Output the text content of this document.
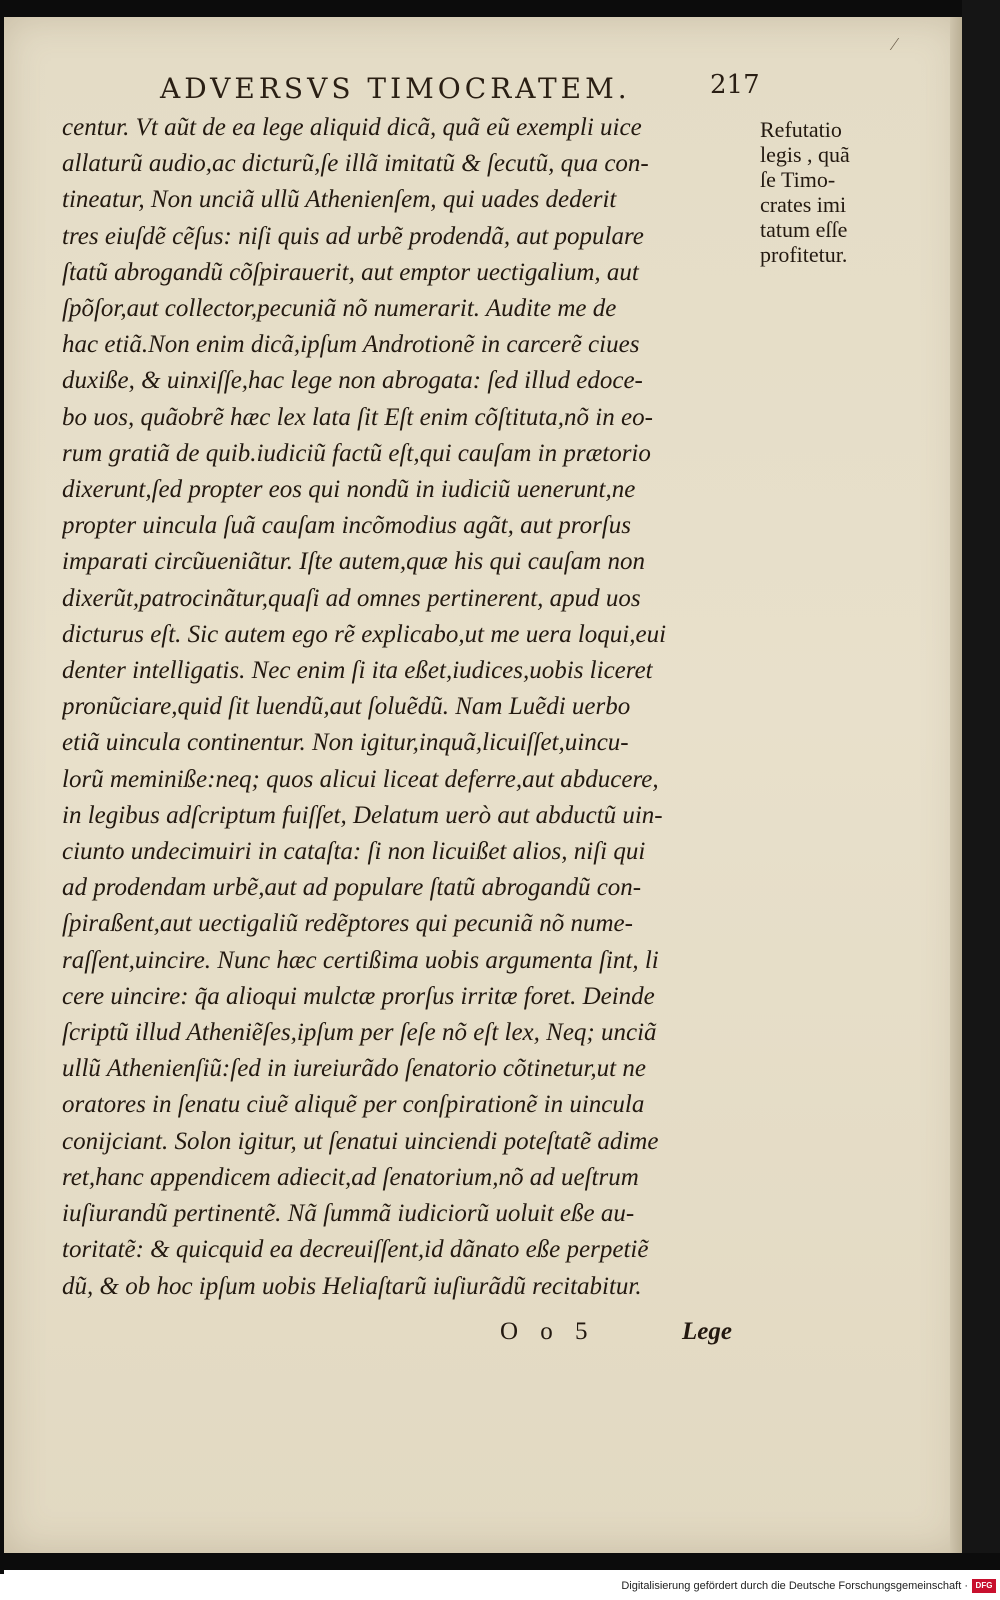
⁄
ADVERSVS TIMOCRATEM.	217
centur. Vt aũt de ea lege aliquid dicã, quã eũ exempli uice
allaturũ audio,ac dicturũ,ſe illã imitatũ & ſecutũ, qua con-
tineatur, Non unciã ullũ Athenienſem, qui uades dederit
tres eiuſdẽ cẽſus: niſi quis ad urbẽ prodendã, aut populare
ſtatũ abrogandũ cõſpirauerit, aut emptor uectigalium, aut
ſpõſor,aut collector,pecuniã nõ numerarit. Audite me de
hac etiã.Non enim dicã,ipſum Androtionẽ in carcerẽ ciues
duxiße, & uinxiſſe,hac lege non abrogata: ſed illud edoce-
bo uos, quãobrẽ hæc lex lata ſit Eſt enim cõſtituta,nõ in eo-
rum gratiã de quib.iudiciũ factũ eſt,qui cauſam in prætorio
dixerunt,ſed propter eos qui nondũ in iudiciũ uenerunt,ne
propter uincula ſuã cauſam incõmodius agãt, aut prorſus
imparati circũueniãtur. Iſte autem,quæ his qui cauſam non
dixerũt,patrocinãtur,quaſi ad omnes pertinerent, apud uos
dicturus eſt. Sic autem ego rẽ explicabo,ut me uera loqui,eui
denter intelligatis. Nec enim ſi ita eßet,iudices,uobis liceret
pronũciare,quid ſit luendũ,aut ſoluẽdũ. Nam Luẽdi uerbo
etiã uincula continentur. Non igitur,inquã,licuiſſet,uincu-
lorũ meminiße:neq; quos alicui liceat deferre,aut abducere,
in legibus adſcriptum fuiſſet, Delatum uerò aut abductũ uin-
ciunto undecimuiri in cataſta: ſi non licuißet alios, niſi qui
ad prodendam urbẽ,aut ad populare ſtatũ abrogandũ con-
ſpiraßent,aut uectigaliũ redẽptores qui pecuniã nõ nume-
raſſent,uincire. Nunc hæc certißima uobis argumenta ſint, li
cere uincire: q̃a alioqui mulctæ prorſus irritæ foret. Deinde
ſcriptũ illud Atheniẽſes,ipſum per ſeſe nõ eſt lex, Neq; unciã
ullũ Athenienſiũ:ſed in iureiurãdo ſenatorio cõtinetur,ut ne
oratores in ſenatu ciuẽ aliquẽ per conſpirationẽ in uincula
conijciant. Solon igitur, ut ſenatui uinciendi poteſtatẽ adime
ret,hanc appendicem adiecit,ad ſenatorium,nõ ad ueſtrum
iuſiurandũ pertinentẽ. Nã ſummã iudiciorũ uoluit eße au-
toritatẽ: & quicquid ea decreuiſſent,id dãnato eße perpetiẽ
dũ, & ob hoc ipſum uobis Heliaſtarũ iuſiurãdũ recitabitur.
Refutatio
legis , quã
ſe Timo-
crates imi
tatum eſſe
profitetur.
O o 5	Lege
Digitalisierung gefördert durch die Deutsche Forschungsgemeinschaft · DFG
